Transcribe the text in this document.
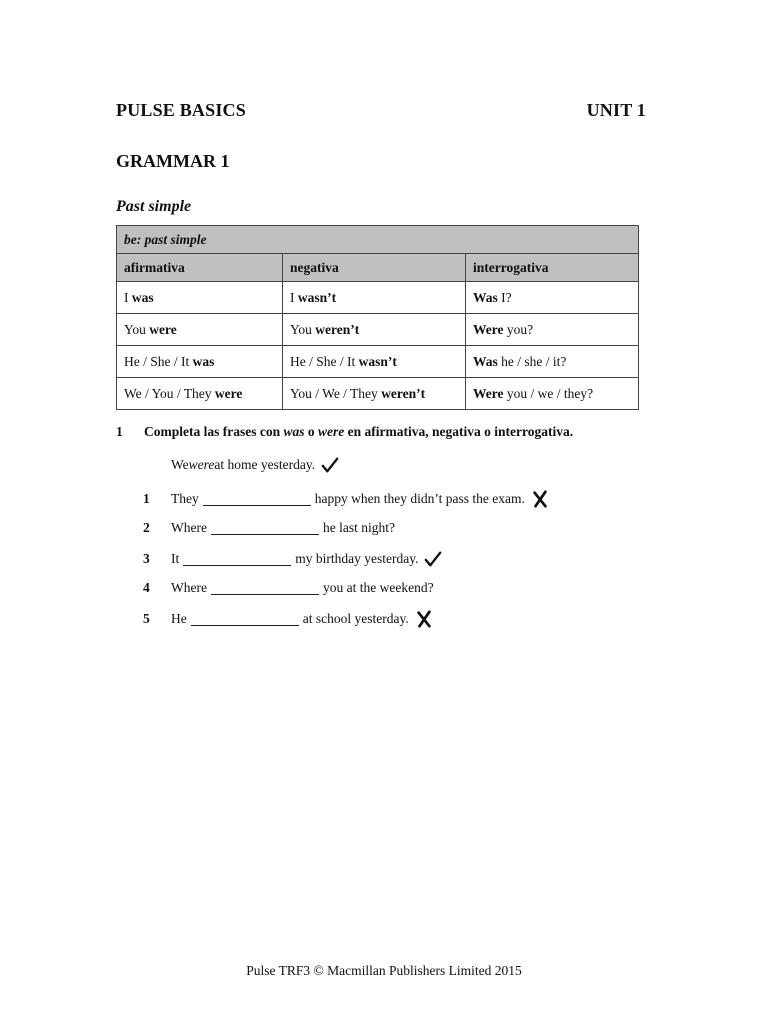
PULSE BASICS	UNIT 1
GRAMMAR 1
Past simple
be: past simple		
afirmativa	negativa	interrogativa
I was	I wasn’t	Was I?
You were	You weren’t	Were you?
He / She / It was	He / She / It wasn’t	Was he / she / it?
We / You / They were	You / We / They weren’t	Were you / we / they?
1	Completa las frases con was o were en afirmativa, negativa o interrogativa.
We were at home yesterday.
1	They	happy when they didn’t pass the exam.
2	Where	he last night?
3	It	my birthday yesterday.
4	Where	you at the weekend?
5	He	at school yesterday.
Pulse TRF3 © Macmillan Publishers Limited 2015
